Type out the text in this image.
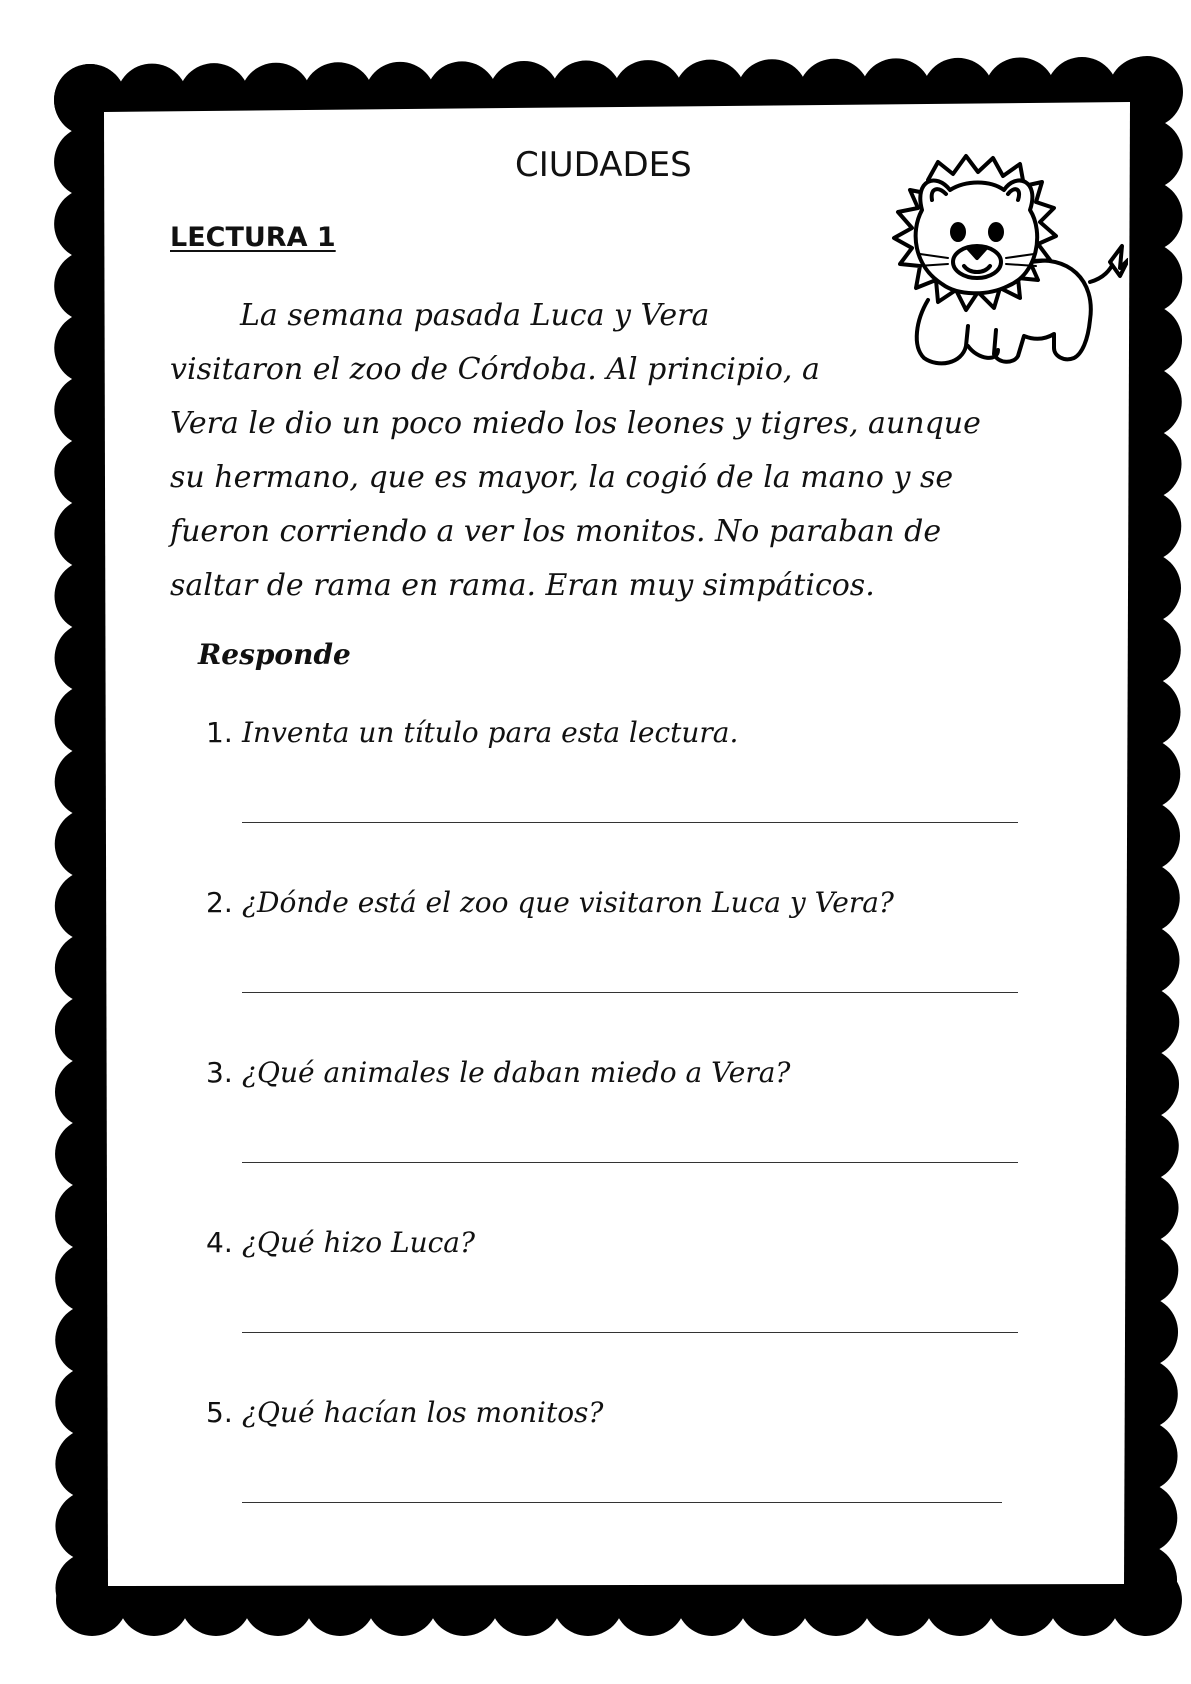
CIUDADES
LECTURA 1

La semana pasada Luca y Vera

visitaron el zoo de Córdoba. Al principio, a

Vera le dio un poco miedo los leones y tigres, aunque

su hermano, que es mayor, la cogió de la mano y se

fueron corriendo a ver los monitos. No paraban de

saltar de rama en rama. Eran muy simpáticos.

Responde

1. Inventa un título para esta lectura.

2. ¿Dónde está el zoo que visitaron Luca y Vera?

3. ¿Qué animales le daban miedo a Vera?

4. ¿Qué hizo Luca?

5. ¿Qué hacían los monitos?
